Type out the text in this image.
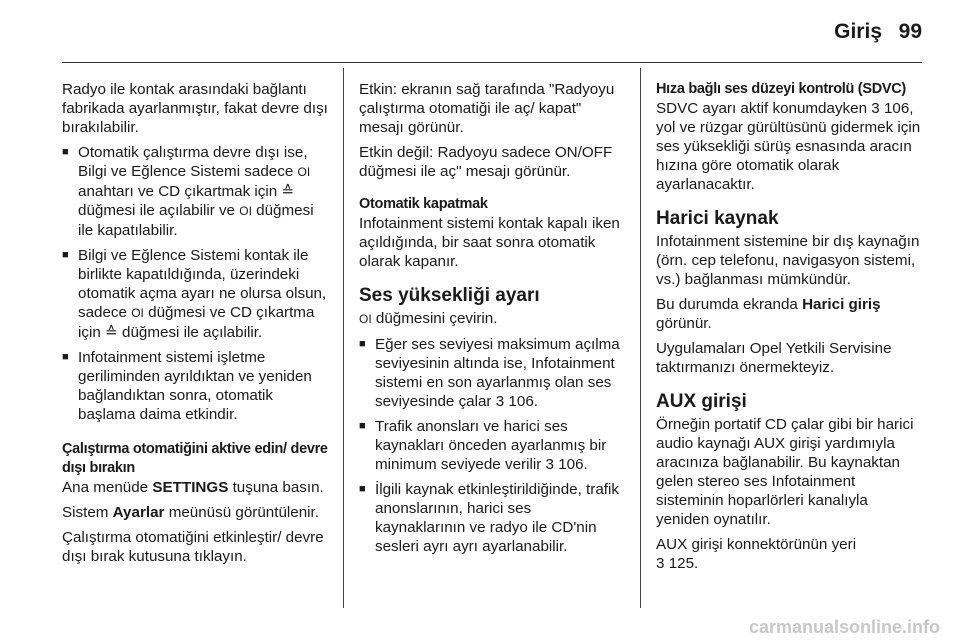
Giriş 99

Radyo ile kontak arasındaki bağlantı fabrikada ayarlanmıştır, fakat devre dışı bırakılabilir.

■ Otomatik çalıştırma devre dışı ise, Bilgi ve Eğlence Sistemi sadece OI anahtarı ve CD çıkartmak için ≙ düğmesi ile açılabilir ve OI düğmesi ile kapatılabilir.
■ Bilgi ve Eğlence Sistemi kontak ile birlikte kapatıldığında, üzerindeki otomatik açma ayarı ne olursa olsun, sadece OI düğmesi ve CD çıkartma için ≙ düğmesi ile açılabilir.
■ Infotainment sistemi işletme geriliminden ayrıldıktan ve yeniden bağlandıktan sonra, otomatik başlama daima etkindir.
Çalıştırma otomatiğini aktive edin/ devre dışı bırakın

Ana menüde SETTINGS tuşuna basın.

Sistem Ayarlar meünüsü görüntülenir.

Çalıştırma otomatiğini etkinleştir/ devre dışı bırak kutusuna tıklayın.

Etkin: ekranın sağ tarafında "Radyoyu çalıştırma otomatiği ile aç/ kapat" mesajı görünür.

Etkin değil: Radyoyu sadece ON/OFF düğmesi ile aç" mesajı görünür.

Otomatik kapatmak

Infotainment sistemi kontak kapalı iken açıldığında, bir saat sonra otomatik olarak kapanır.

Ses yüksekliği ayarı

OI düğmesini çevirin.

■ Eğer ses seviyesi maksimum açılma seviyesinin altında ise, Infotainment sistemi en son ayarlanmış olan ses seviyesinde çalar 3 106.
■ Trafik anonsları ve harici ses kaynakları önceden ayarlanmış bir minimum seviyede verilir 3 106.
■ İlgili kaynak etkinleştirildiğinde, trafik anonslarının, harici ses kaynaklarının ve radyo ile CD'nin sesleri ayrı ayrı ayarlanabilir.
Hıza bağlı ses düzeyi kontrolü (SDVC)

SDVC ayarı aktif konumdayken 3 106, yol ve rüzgar gürültüsünü gidermek için ses yüksekliği sürüş esnasında aracın hızına göre otomatik olarak ayarlanacaktır.

Harici kaynak

Infotainment sistemine bir dış kaynağın (örn. cep telefonu, navigasyon sistemi, vs.) bağlanması mümkündür.

Bu durumda ekranda Harici giriş görünür.

Uygulamaları Opel Yetkili Servisine taktırmanızı önermekteyiz.

AUX girişi

Örneğin portatif CD çalar gibi bir harici audio kaynağı AUX girişi yardımıyla aracınıza bağlanabilir. Bu kaynaktan gelen stereo ses Infotainment sisteminin hoparlörleri kanalıyla yeniden oynatılır.

AUX girişi konnektörünün yeri
3 125.

carmanualsonline.info
